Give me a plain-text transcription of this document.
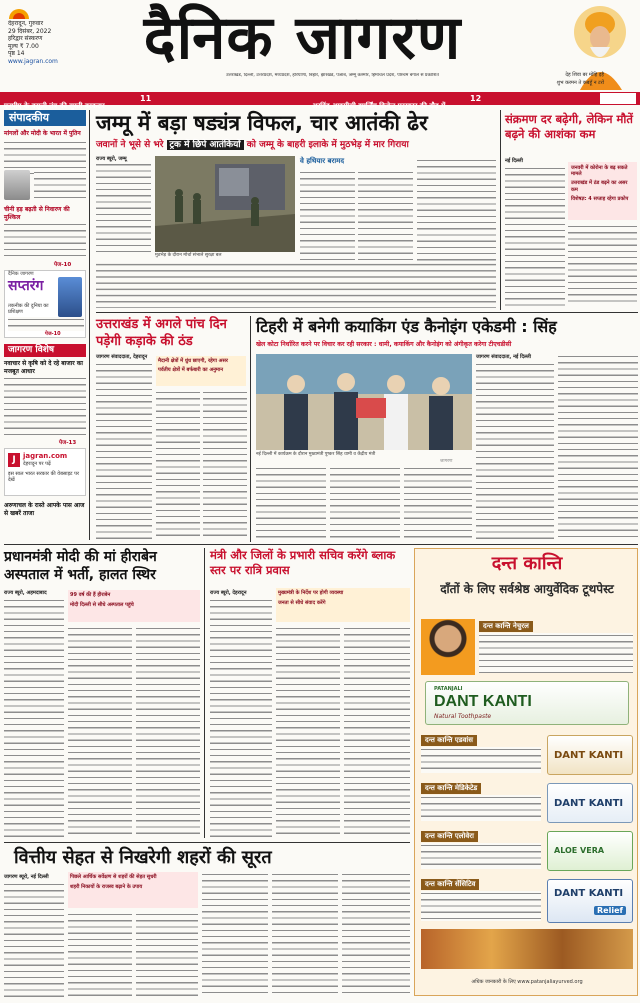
देहरादून, गुरुवार
29 दिसंबर, 2022
हरिद्वार संस्करण
मूल्य ₹ 7.00
पृष्ठ 14
www.jagran.com	दैनिक जागरण
उत्तराखंड, दिल्ली, उत्तरप्रदेश, मध्यप्रदेश, हरियाणा, बिहार, झारखंड, पंजाब, जम्मू कश्मीर, हिमाचल प्रदेश, पश्चिम बंगाल से प्रकाशित	देह शिवा बर मोहि इहै
शुभ करमन ते कबहूँ न टरों
एनपीए के वसूली तंत्र की सुस्ती बरकरार
11
अरविंद आइसीसी इमर्जिंग क्रिकेट पुरस्कार की दौड़ में
12
संपादकीय
मांगलों और मोदी के भारत में पुतिन
चीनी हड़ बढ़ती से निवारण की मुश्किल
पेज-10
दैनिक जागरण
सप्तरंग
तकनीक की दुनिया का प्रशिक्षण
पेज-10
जागरण विशेष
नवाचार से कृषि को दे रहे बाजार का मजबूत आधार
पेज-13
J	jagran.com
देहरादून पर पढ़ें
इस साल भारत सरकार की वेबसाइट पर देखें
अरुणाचल के रास्ते आपके पास आज से खबरें ताजा
जम्मू में बड़ा षड्यंत्र विफल, चार आतंकी ढेर
जवानों ने भूसे से भरे ट्रक में छिपे आतंकियों को जम्मू के बाहरी इलाके में मुठभेड़ में मार गिराया
राज्य ब्यूरो, जम्मू
मुठभेड़ के दौरान मोर्चा संभाले सुरक्षा बल
वे हथियार बरामद
संक्रमण दर बढ़ेगी, लेकिन मौतें बढ़ने की आशंका कम
नई दिल्ली
जनवरी में कोरोना के बढ़ सकते मामले
उत्तराखंड में ठंड बढ़ने का असर कम
विशेषज्ञ: 4 सप्ताह रहेगा प्रकोप
उत्तराखंड में अगले पांच दिन पड़ेगी कड़ाके की ठंड
जागरण संवाददाता, देहरादून
मैदानी क्षेत्रों में धुंध छाएगी, रहेगा असर
पर्वतीय क्षेत्रों में बर्फबारी का अनुमान
टिहरी में बनेगी कयाकिंग एंड कैनोइंग एकेडमी : सिंह
खेल कोटा निर्धारित करने पर विचार कर रही सरकार : धामी, कयाकिंग और कैनोइंग को अंगीकृत करेगा टीएचडीसी
नई दिल्ली में कार्यक्रम के दौरान मुख्यमंत्री पुष्कर सिंह धामी व केंद्रीय मंत्री
जागरण
जागरण संवाददाता, नई दिल्ली
प्रधानमंत्री मोदी की मां हीराबेन अस्पताल में भर्ती, हालत स्थिर
राज्य ब्यूरो, अहमदाबाद	99 वर्ष की हैं हीराबेन
मोदी दिल्ली से सीधे अस्पताल पहुंचे
मंत्री और जिलों के प्रभारी सचिव करेंगे ब्लाक स्तर पर रात्रि प्रवास
राज्य ब्यूरो, देहरादून	मुख्यमंत्री के निर्देश पर होगी व्यवस्था
जनता से सीधे संवाद करेंगे
दन्त कान्ति
दाँतों के लिए सर्वश्रेष्ठ आयुर्वेदिक टूथपेस्ट
दन्त कान्ति नेचुरल
PATANJALI
DANT KANTI
Natural Toothpaste
दन्त कान्ति एडवांस
DANT KANTI
दन्त कान्ति मेडिकेटेड
DANT KANTI
दन्त कान्ति एलोवेरा
ALOE VERA
दन्त कान्ति सेंसिटिव
DANT KANTI
Relief
अधिक जानकारी के लिए www.patanjaliayurved.org
वित्तीय सेहत से निखरेगी शहरों की सूरत
जागरण ब्यूरो, नई दिल्ली	पिछले आर्थिक सर्वेक्षण से शहरों की सेहत सुधरी
शहरी निकायों के राजस्व बढ़ाने के उपाय
